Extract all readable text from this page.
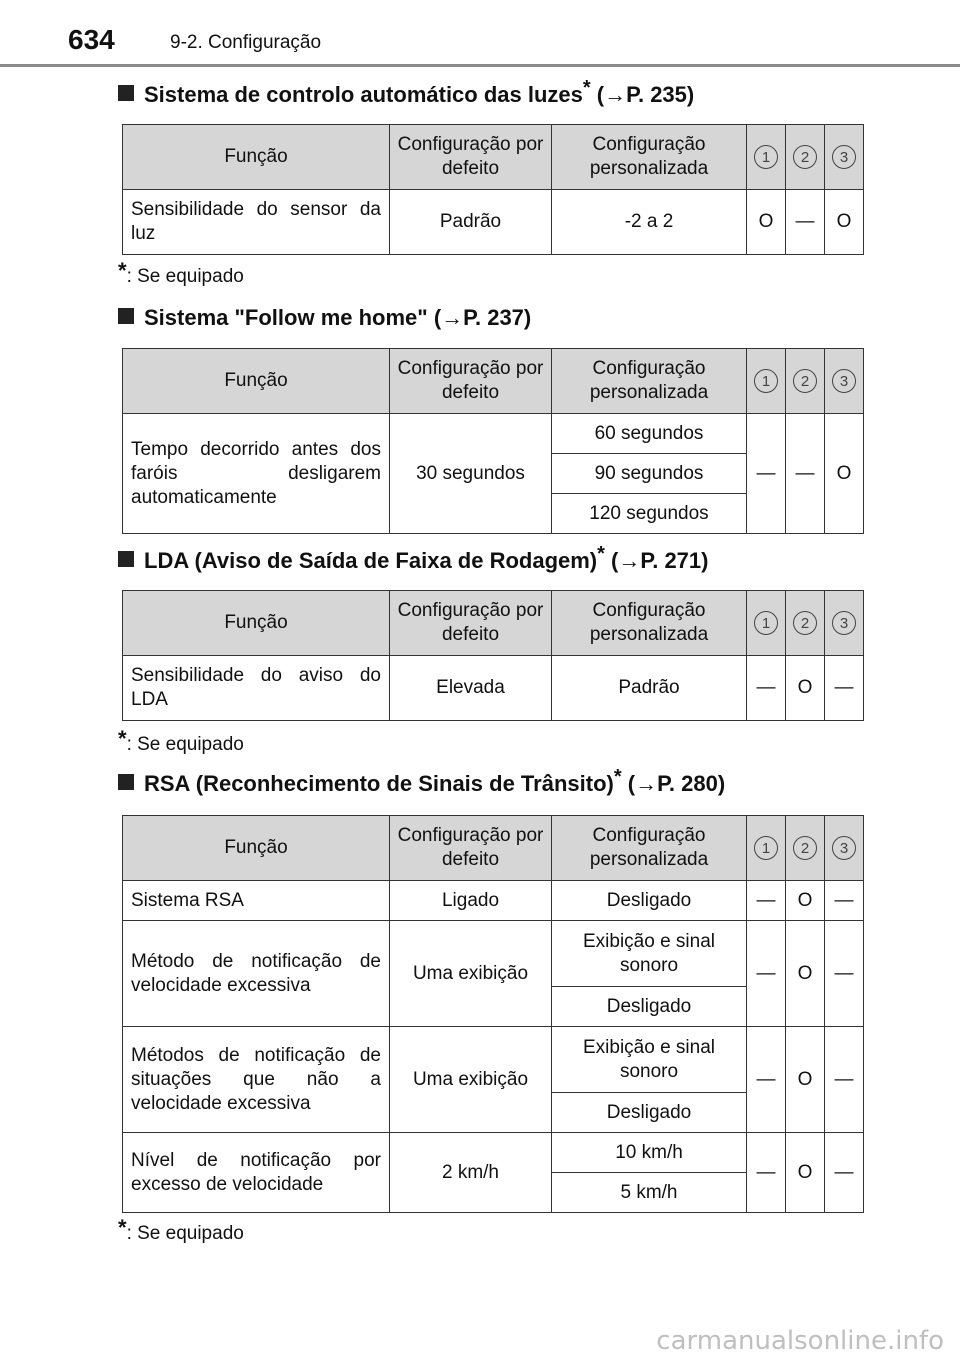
634	9-2. Configuração
Sistema de controlo automático das luzes* (→P. 235)
Função	Configuração por defeito	Configuração personalizada	1	2	3
Sensibilidade do sensor da luz	Padrão	-2 a 2	O	—	O
*: Se equipado
Sistema "Follow me home" (→P. 237)
Função	Configuração por defeito	Configuração personalizada	1	2	3
Tempo decorrido antes dos faróis desligarem automaticamente	30 segundos	60 segundos	—	—	O
		90 segundos			
		120 segundos			
LDA (Aviso de Saída de Faixa de Rodagem)* (→P. 271)
Função	Configuração por defeito	Configuração personalizada	1	2	3
Sensibilidade do aviso do LDA	Elevada	Padrão	—	O	—
*: Se equipado
RSA (Reconhecimento de Sinais de Trânsito)* (→P. 280)
Função	Configuração por defeito	Configuração personalizada	1	2	3
Sistema RSA	Ligado	Desligado	—	O	—
Método de notificação de velocidade excessiva	Uma exibição	Exibição e sinal sonoro	—	O	—
		Desligado			
Métodos de notificação de situações que não a velocidade excessiva	Uma exibição	Exibição e sinal sonoro	—	O	—
		Desligado			
Nível de notificação por excesso de velocidade	2 km/h	10 km/h	—	O	—
		5 km/h			
*: Se equipado
carmanualsonline.info
